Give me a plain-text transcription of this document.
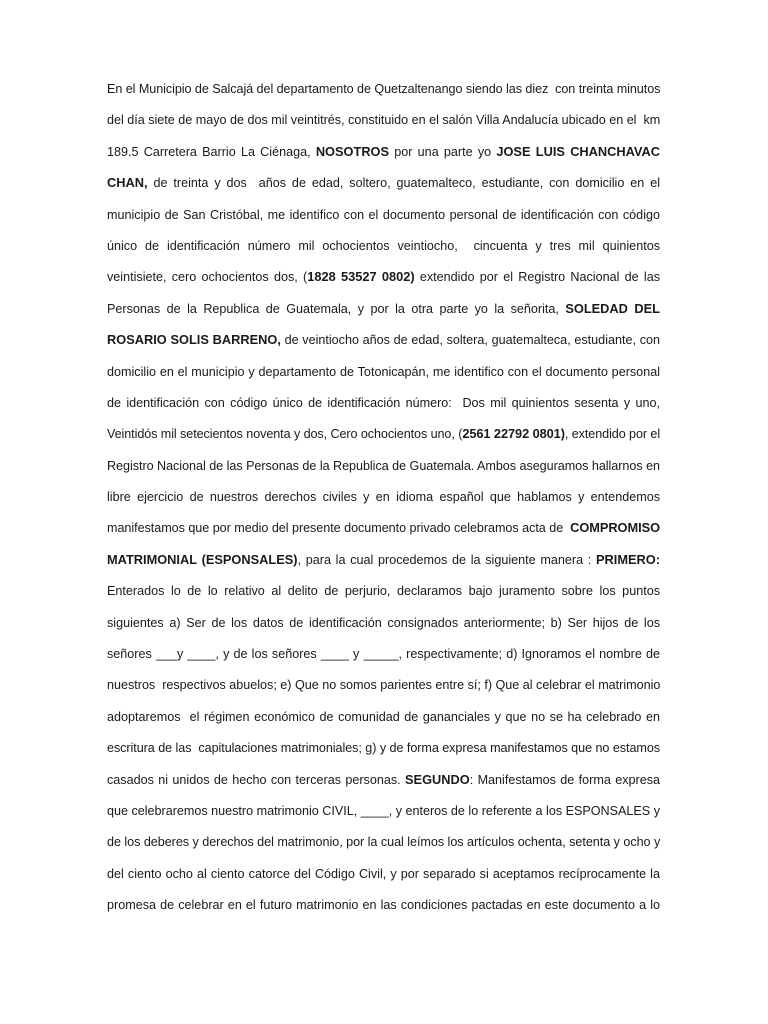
En el Municipio de Salcajá del departamento de Quetzaltenango siendo las diez  con treinta minutos
del día siete de mayo de dos mil veintitrés, constituido en el salón Villa Andalucía ubicado en el  km
189.5 Carretera Barrio La Ciénaga, NOSOTROS por una parte yo JOSE LUIS CHANCHAVAC
CHAN, de treinta y dos  años de edad, soltero, guatemalteco, estudiante, con domicilio en el
municipio de San Cristóbal, me identifico con el documento personal de identificación con código
único de identificación número mil ochocientos veintiocho,  cincuenta y tres mil quinientos
veintisiete, cero ochocientos dos, (1828 53527 0802) extendido por el Registro Nacional de las
Personas de la Republica de Guatemala, y por la otra parte yo la señorita, SOLEDAD DEL
ROSARIO SOLIS BARRENO, de veintiocho años de edad, soltera, guatemalteca, estudiante, con
domicilio en el municipio y departamento de Totonicapán, me identifico con el documento personal
de identificación con código único de identificación número:  Dos mil quinientos sesenta y uno,
Veintidós mil setecientos noventa y dos, Cero ochocientos uno, (2561 22792 0801), extendido por el
Registro Nacional de las Personas de la Republica de Guatemala. Ambos aseguramos hallarnos en
libre ejercicio de nuestros derechos civiles y en idioma español que hablamos y entendemos
manifestamos que por medio del presente documento privado celebramos acta de  COMPROMISO
MATRIMONIAL (ESPONSALES), para la cual procedemos de la siguiente manera : PRIMERO:
Enterados lo de lo relativo al delito de perjurio, declaramos bajo juramento sobre los puntos
siguientes a) Ser de los datos de identificación consignados anteriormente; b) Ser hijos de los
señores ___y ____, y de los señores ____ y _____, respectivamente; d) Ignoramos el nombre de
nuestros  respectivos abuelos; e) Que no somos parientes entre sí; f) Que al celebrar el matrimonio
adoptaremos  el régimen económico de comunidad de gananciales y que no se ha celebrado en
escritura de las  capitulaciones matrimoniales; g) y de forma expresa manifestamos que no estamos
casados ni unidos de hecho con terceras personas. SEGUNDO: Manifestamos de forma expresa
que celebraremos nuestro matrimonio CIVIL, ____, y enteros de lo referente a los ESPONSALES y
de los deberes y derechos del matrimonio, por la cual leímos los artículos ochenta, setenta y ocho y
del ciento ocho al ciento catorce del Código Civil, y por separado si aceptamos recíprocamente la
promesa de celebrar en el futuro matrimonio en las condiciones pactadas en este documento a lo
